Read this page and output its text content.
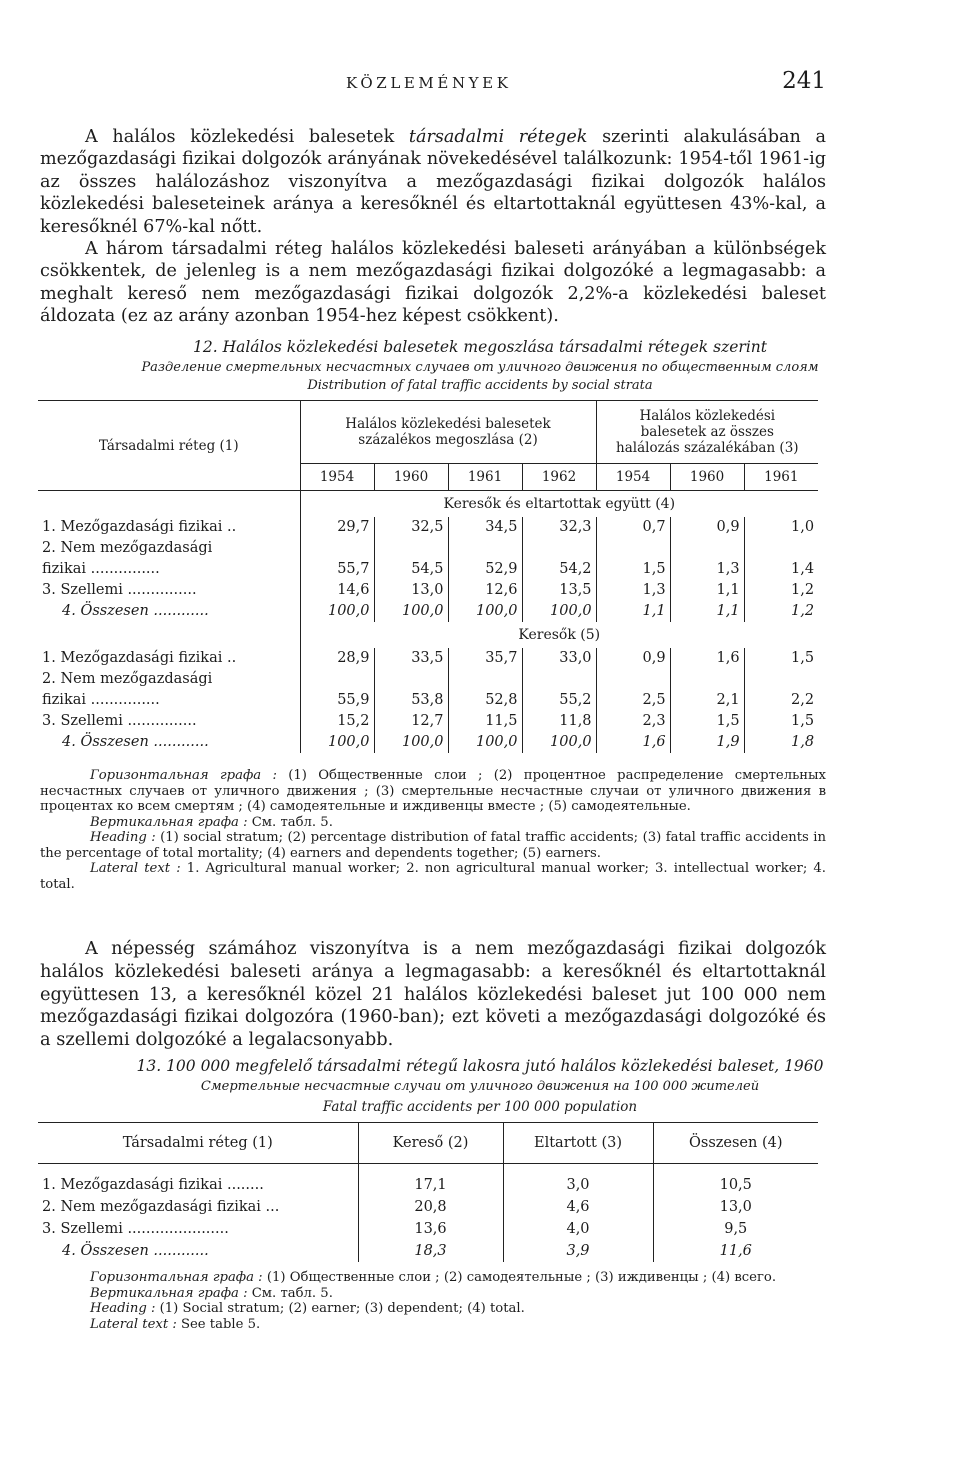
KÖZLEMÉNYEK	241

A halálos közlekedési balesetek társadalmi rétegek szerinti alakulásában a mezőgazdasági fizikai dolgozók arányának növekedésével találkozunk: 1954-től 1961-ig az összes halálozáshoz viszonyítva a mezőgazdasági fizikai dolgozók halálos közlekedési baleseteinek aránya a keresőknél és eltartottaknál együttesen 43%-kal, a keresőknél 67%-kal nőtt.
A három társadalmi réteg halálos közlekedési baleseti arányában a különbségek csökkentek, de jelenleg is a nem mezőgazdasági fizikai dolgozóké a legmagasabb: a meghalt kereső nem mezőgazdasági fizikai dolgozók 2,2%-a közlekedési baleset áldozata (ez az arány azonban 1954-hez képest csökkent).

12. Halálos közlekedési balesetek megoszlása társadalmi rétegek szerint

Разделение смертельных несчастных случаев от уличного движения по общественным слоям

Distribution of fatal traffic accidents by social strata

Társadalmi réteg (1)	Halálos közlekedési balesetek százalékos megoszlása (2)				Halálos közlekedési balesetek az összes halálozás százalékában (3)		
	1954	1960	1961	1962	1954	1960	1961
	Keresők és eltartottak együtt (4)						
1. Mezőgazdasági fizikai ..	29,7	32,5	34,5	32,3	0,7	0,9	1,0
2. Nem mezőgazdasági							
fizikai ...............	55,7	54,5	52,9	54,2	1,5	1,3	1,4
3. Szellemi ...............	14,6	13,0	12,6	13,5	1,3	1,1	1,2
4. Összesen ............	100,0	100,0	100,0	100,0	1,1	1,1	1,2
	Keresők (5)						
1. Mezőgazdasági fizikai ..	28,9	33,5	35,7	33,0	0,9	1,6	1,5
2. Nem mezőgazdasági							
fizikai ...............	55,9	53,8	52,8	55,2	2,5	2,1	2,2
3. Szellemi ...............	15,2	12,7	11,5	11,8	2,3	1,5	1,5
4. Összesen ............	100,0	100,0	100,0	100,0	1,6	1,9	1,8

Горизонтальная графа : (1) Общественные слои ; (2) процентное распределение смертельных несчастных случаев от уличного движения ; (3) смертельные несчастные случаи от уличного движения в процентах ко всем смертям ; (4) самодеятельные и иждивенцы вместе ; (5) самодеятельные.

Вертикальная графа : См. табл. 5.

Heading : (1) social stratum; (2) percentage distribution of fatal traffic accidents; (3) fatal traffic accidents in the percentage of total mortality; (4) earners and dependents together; (5) earners.

Lateral text : 1. Agricultural manual worker; 2. non agricultural manual worker; 3. intellectual worker; 4. total.

A népesség számához viszonyítva is a nem mezőgazdasági fizikai dolgozók halálos közlekedési baleseti aránya a legmagasabb: a keresőknél és eltartottaknál együttesen 13, a keresőknél közel 21 halálos közlekedési baleset jut 100 000 nem mezőgazdasági fizikai dolgozóra (1960-ban); ezt követi a mezőgazdasági dolgozóké és a szellemi dolgozóké a legalacsonyabb.

13. 100 000 megfelelő társadalmi rétegű lakosra jutó halálos közlekedési baleset, 1960

Смертельные несчастные случаи от уличного движения на 100 000 жителей

Fatal traffic accidents per 100 000 population

Társadalmi réteg (1)	Kereső (2)	Eltartott (3)	Összesen (4)

1. Mezőgazdasági fizikai ........	17,1	3,0	10,5
2. Nem mezőgazdasági fizikai ...	20,8	4,6	13,0
3. Szellemi ......................	13,6	4,0	9,5
4. Összesen ............	18,3	3,9	11,6

Горизонтальная графа : (1) Общественные слои ; (2) самодеятельные ; (3) иждивенцы ; (4) всего.

Вертикальная графа : См. табл. 5.

Heading : (1) Social stratum; (2) earner; (3) dependent; (4) total.

Lateral text : See table 5.
